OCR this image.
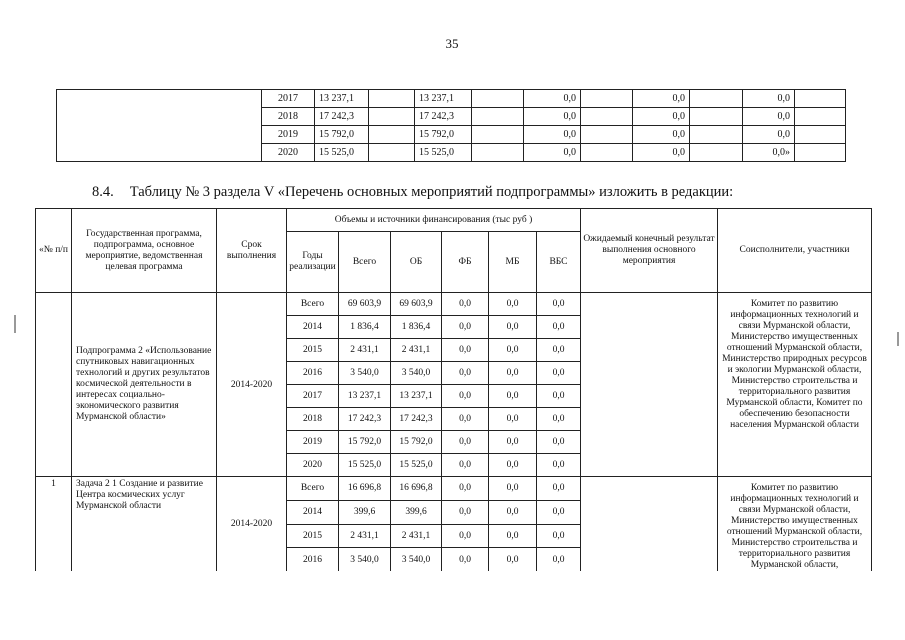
35
	2017	13 237,1		13 237,1		0,0		0,0		0,0	
	2018	17 242,3		17 242,3		0,0		0,0		0,0	
	2019	15 792,0		15 792,0		0,0		0,0		0,0	
	2020	15 525,0		15 525,0		0,0		0,0		0,0»	
8.4. Таблицу № 3 раздела V «Перечень основных мероприятий подпрограммы» изложить в редакции:
«№ п/п	Государственная программа, подпрограмма, основное мероприятие, ведомственная целевая программа	Срок выполнения	Объемы и источники финансирования (тыс руб )						Ожидаемый конечный результат выполнения основного мероприятия	Соисполнители, участники
			Годы реализации	Всего	ОБ	ФБ	МБ	ВБС		
	Подпрограмма 2 «Использование спутниковых навигационных технологий и других результатов космической деятельности в интересах социально-экономического развития Мурманской области»	2014-2020	Всего	69 603,9	69 603,9	0,0	0,0	0,0		Комитет по развитию информационных технологий и связи Мурманской области, Министерство имущественных отношений Мурманской области, Министерство природных ресурсов и экологии Мурманской области, Министерство строительства и территориального развития Мурманской области, Комитет по обеспечению безопасности населения Мурманской области
			2014	1 836,4	1 836,4	0,0	0,0	0,0		
			2015	2 431,1	2 431,1	0,0	0,0	0,0		
			2016	3 540,0	3 540,0	0,0	0,0	0,0		
			2017	13 237,1	13 237,1	0,0	0,0	0,0		
			2018	17 242,3	17 242,3	0,0	0,0	0,0		
			2019	15 792,0	15 792,0	0,0	0,0	0,0		
			2020	15 525,0	15 525,0	0,0	0,0	0,0		
1	Задача 2 1 Создание и развитие Центра космических услуг Мурманской области	2014-2020	Всего	16 696,8	16 696,8	0,0	0,0	0,0		Комитет по развитию информационных технологий и связи Мурманской области, Министерство имущественных отношений Мурманской области, Министерство строительства и территориального развития Мурманской области,
			2014	399,6	399,6	0,0	0,0	0,0		
			2015	2 431,1	2 431,1	0,0	0,0	0,0		
			2016	3 540,0	3 540,0	0,0	0,0	0,0		
